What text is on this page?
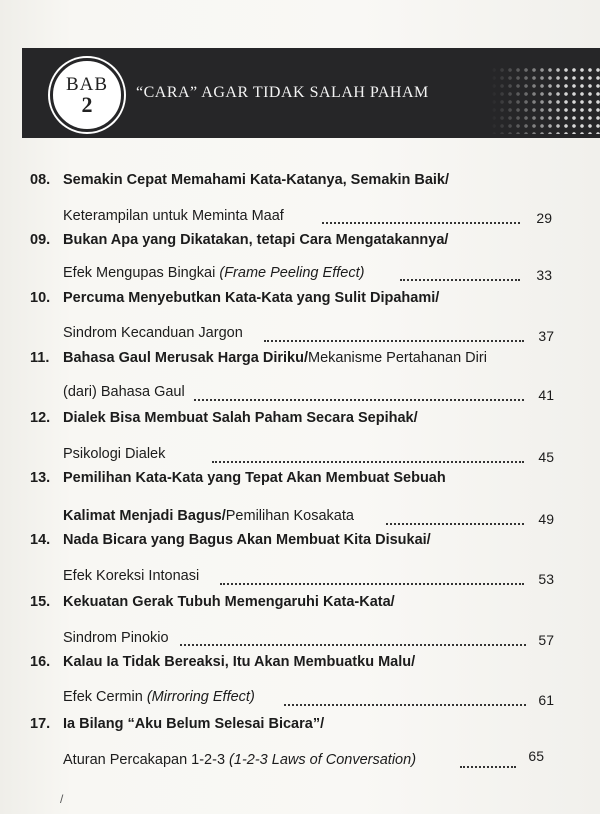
BAB
2	“CARA” AGAR TIDAK SALAH PAHAM
08. Semakin Cepat Memahami Kata-Katanya, Semakin Baik/
Keterampilan untuk Meminta Maaf	29
09. Bukan Apa yang Dikatakan, tetapi Cara Mengatakannya/
Efek Mengupas Bingkai (Frame Peeling Effect)	33
10. Percuma Menyebutkan Kata-Kata yang Sulit Dipahami/
Sindrom Kecanduan Jargon	37
11. Bahasa Gaul Merusak Harga Diriku/Mekanisme Pertahanan Diri
(dari) Bahasa Gaul	41
12. Dialek Bisa Membuat Salah Paham Secara Sepihak/
Psikologi Dialek	45
13. Pemilihan Kata-Kata yang Tepat Akan Membuat Sebuah
Kalimat Menjadi Bagus/Pemilihan Kosakata	49
14. Nada Bicara yang Bagus Akan Membuat Kita Disukai/
Efek Koreksi Intonasi	53
15. Kekuatan Gerak Tubuh Memengaruhi Kata-Kata/
Sindrom Pinokio	57
16. Kalau Ia Tidak Bereaksi, Itu Akan Membuatku Malu/
Efek Cermin (Mirroring Effect)	61
17. Ia Bilang “Aku Belum Selesai Bicara”/
Aturan Percakapan 1-2-3 (1-2-3 Laws of Conversation)	65
/
